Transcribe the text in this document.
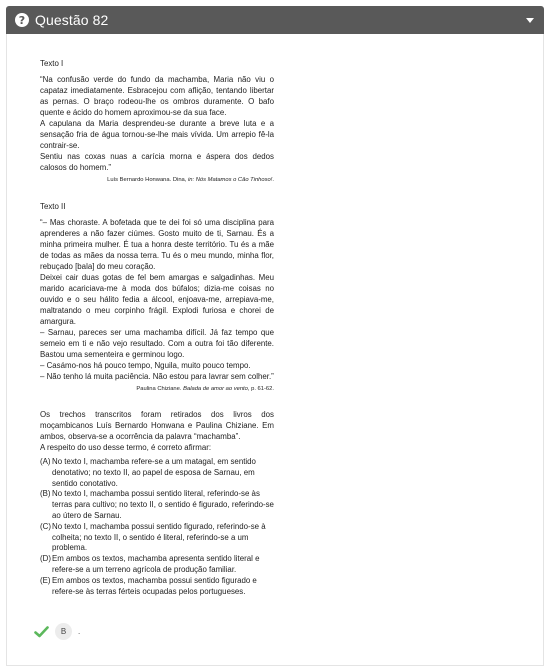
? Questão 82
Texto I

“Na confusão verde do fundo da machamba, Maria não viu o capataz imediatamente. Esbracejou com aflição, tentando libertar as pernas. O braço rodeou-lhe os ombros duramente. O bafo quente e ácido do homem aproximou-se da sua face.

A capulana da Maria desprendeu-se durante a breve luta e a sensação fria de água tornou-se-lhe mais vívida. Um arrepio fê-la contrair-se.

Sentiu nas coxas nuas a carícia morna e áspera dos dedos calosos do homem.”

Luís Bernardo Honwana. Dina, in: Nós Matamos o Cão Tinhoso!.
Texto II

“– Mas choraste. A bofetada que te dei foi só uma disciplina para aprenderes a não fazer ciúmes. Gosto muito de ti, Sarnau. És a minha primeira mulher. É tua a honra deste território. Tu és a mãe de todas as mães da nossa terra. Tu és o meu mundo, minha flor, rebuçado [bala] do meu coração.

Deixei cair duas gotas de fel bem amargas e salgadinhas. Meu marido acariciava-me à moda dos búfalos; dizia-me coisas no ouvido e o seu hálito fedia a álcool, enjoava-me, arrepiava-me, maltratando o meu corpinho frágil. Explodi furiosa e chorei de amargura.

– Sarnau, pareces ser uma machamba difícil. Já faz tempo que semeio em ti e não vejo resultado. Com a outra foi tão diferente. Bastou uma sementeira e germinou logo.

– Casámo-nos há pouco tempo, Nguila, muito pouco tempo.

– Não tenho lá muita paciência. Não estou para lavrar sem colher.”

Paulina Chiziane. Balada de amor ao vento, p. 61-62.
Os trechos transcritos foram retirados dos livros dos moçambicanos Luís Bernardo Honwana e Paulina Chiziane. Em ambos, observa-se a ocorrência da palavra “machamba”.
A respeito do uso desse termo, é correto afirmar:
(A) No texto I, machamba refere-se a um matagal, em sentido denotativo; no texto II, ao papel de esposa de Sarnau, em sentido conotativo.
(B) No texto I, machamba possui sentido literal, referindo-se às terras para cultivo; no texto II, o sentido é figurado, referindo-se ao útero de Sarnau.
(C) No texto I, machamba possui sentido figurado, referindo-se à colheita; no texto II, o sentido é literal, referindo-se a um problema.
(D) Em ambos os textos, machamba apresenta sentido literal e refere-se a um terreno agrícola de produção familiar.
(E) Em ambos os textos, machamba possui sentido figurado e refere-se às terras férteis ocupadas pelos portugueses.
B	.
